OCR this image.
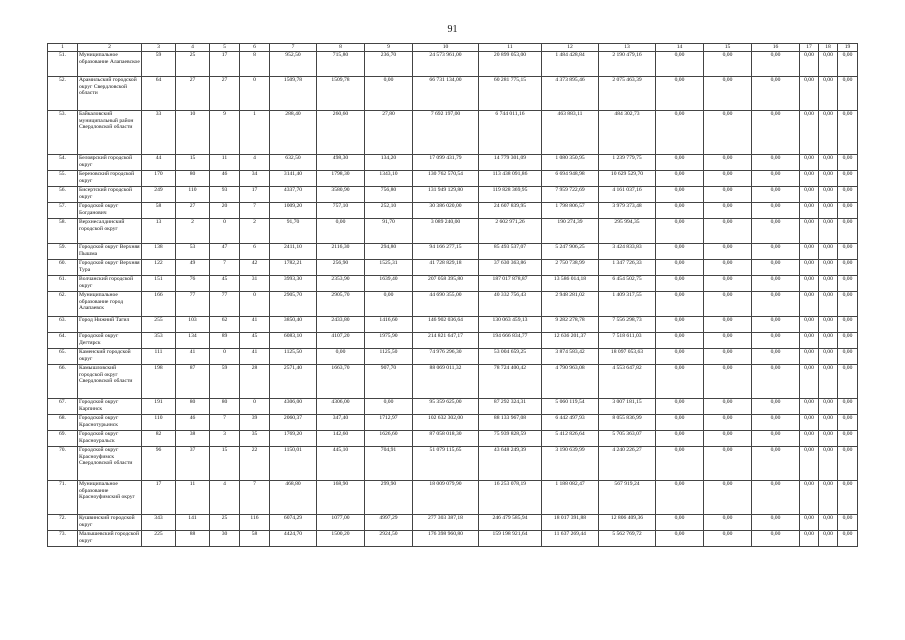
91
1	2	3	4	5	6	7	8	9	10	11	12	13	14	15	16	17	18	19
51.	Муниципальное образование Алапаевское	59	25	17	8	952,50	715,80	236,70	24 573 961,00	20 899 053,00	1 484 428,84	2 190 479,16	0,00	0,00	0,00	0,00	0,00	0,00
52.	Арамильский городской округ Свердловской области	64	27	27	0	1509,78	1509,78	0,00	66 731 134,00	60 281 775,15	4 373 895,46	2 075 463,39	0,00	0,00	0,00	0,00	0,00	0,00
53.	Байкаловский муниципальный район Свердловской области	33	10	9	1	288,40	260,60	27,80	7 692 197,00	6 744 011,16	463 883,11	484 302,73	0,00	0,00	0,00	0,00	0,00	0,00
54.	Белоярский городской округ	44	15	11	4	632,50	498,30	134,20	17 099 431,79	14 779 301,09	1 080 350,95	1 239 779,75	0,00	0,00	0,00	0,00	0,00	0,00
55.	Березовский городской округ	170	80	46	34	3141,40	1798,30	1343,10	130 762 570,54	113 438 091,86	6 694 948,98	10 629 529,70	0,00	0,00	0,00	0,00	0,00	0,00
56.	Бисертский городской округ	249	110	93	17	4337,70	3580,90	756,80	131 949 129,80	119 828 369,95	7 959 722,69	4 161 037,16	0,00	0,00	0,00	0,00	0,00	0,00
57.	Городской округ Богданович	58	27	20	7	1009,20	757,10	252,10	30 386 020,00	24 607 839,95	1 798 806,57	3 979 373,48	0,00	0,00	0,00	0,00	0,00	0,00
58.	Верхнесалдинский городской округ	13	2	0	2	91,70	0,00	91,70	3 089 240,00	2 602 971,26	190 274,39	295 994,35	0,00	0,00	0,00	0,00	0,00	0,00
59.	Городской округ Верхняя Пышма	138	53	47	6	2411,10	2116,30	294,80	94 166 277,15	85 493 537,07	5 247 906,25	3 424 833,83	0,00	0,00	0,00	0,00	0,00	0,00
60.	Городской округ Верхняя Тура	122	49	7	42	1782,21	256,90	1525,31	41 728 829,18	37 630 363,86	2 750 738,99	1 347 726,33	0,00	0,00	0,00	0,00	0,00	0,00
61.	Волчанский городской округ	151	76	45	31	3993,30	2353,90	1639,40	207 058 395,80	187 017 878,87	13 586 014,18	6 454 502,75	0,00	0,00	0,00	0,00	0,00	0,00
62.	Муниципальное образование город Алапаевск	166	77	77	0	2905,70	2905,70	0,00	44 690 355,00	40 332 756,43	2 948 281,02	1 409 317,55	0,00	0,00	0,00	0,00	0,00	0,00
63.	Город Нижний Тагил	255	103	62	41	3850,40	2433,80	1416,60	146 902 036,64	130 063 459,13	9 282 278,78	7 556 298,73	0,00	0,00	0,00	0,00	0,00	0,00
64.	Городской округ Дегтярск	353	134	89	45	6083,10	4107,20	1975,90	214 821 647,17	194 666 834,77	12 636 201,37	7 518 611,03	0,00	0,00	0,00	0,00	0,00	0,00
65.	Каменский городской округ	111	41	0	41	1125,50	0,00	1125,50	74 976 296,30	53 004 659,25	3 874 583,42	18 097 053,63	0,00	0,00	0,00	0,00	0,00	0,00
66.	Камышловский городской округ Свердловской области	198	87	59	28	2571,40	1663,70	907,70	88 069 011,32	78 724 400,42	4 790 963,08	4 553 647,82	0,00	0,00	0,00	0,00	0,00	0,00
67.	Городской округ Карпинск	191	80	80	0	4306,00	4306,00	0,00	95 359 625,00	87 292 324,31	5 060 119,54	3 007 181,15	0,00	0,00	0,00	0,00	0,00	0,00
68.	Городской округ Краснотурьинск	110	46	7	39	2060,37	347,40	1712,97	102 632 302,00	88 133 967,08	6 442 497,93	8 055 836,99	0,00	0,00	0,00	0,00	0,00	0,00
69.	Городской округ Красноуральск	82	38	3	35	1769,20	142,60	1626,60	87 058 018,30	75 939 828,59	5 412 826,64	5 705 363,07	0,00	0,00	0,00	0,00	0,00	0,00
70.	Городской округ Красноуфимск Свердловской области	96	37	15	22	1150,01	445,10	704,91	51 079 115,65	43 648 249,39	3 190 639,99	4 240 226,27	0,00	0,00	0,00	0,00	0,00	0,00
71.	Муниципальное образование Красноуфимский округ	17	11	4	7	468,80	168,90	299,90	18 009 079,90	16 253 078,19	1 188 082,47	567 919,24	0,00	0,00	0,00	0,00	0,00	0,00
72.	Кушвинский городской округ	343	141	25	116	6074,29	1077,00	4997,29	277 303 387,18	246 479 585,94	18 017 391,88	12 806 409,36	0,00	0,00	0,00	0,00	0,00	0,00
73.	Малышевский городской округ	225	88	30	58	4424,70	1500,20	2924,50	176 398 960,80	159 198 921,64	11 637 269,44	5 562 769,72	0,00	0,00	0,00	0,00	0,00	0,00
